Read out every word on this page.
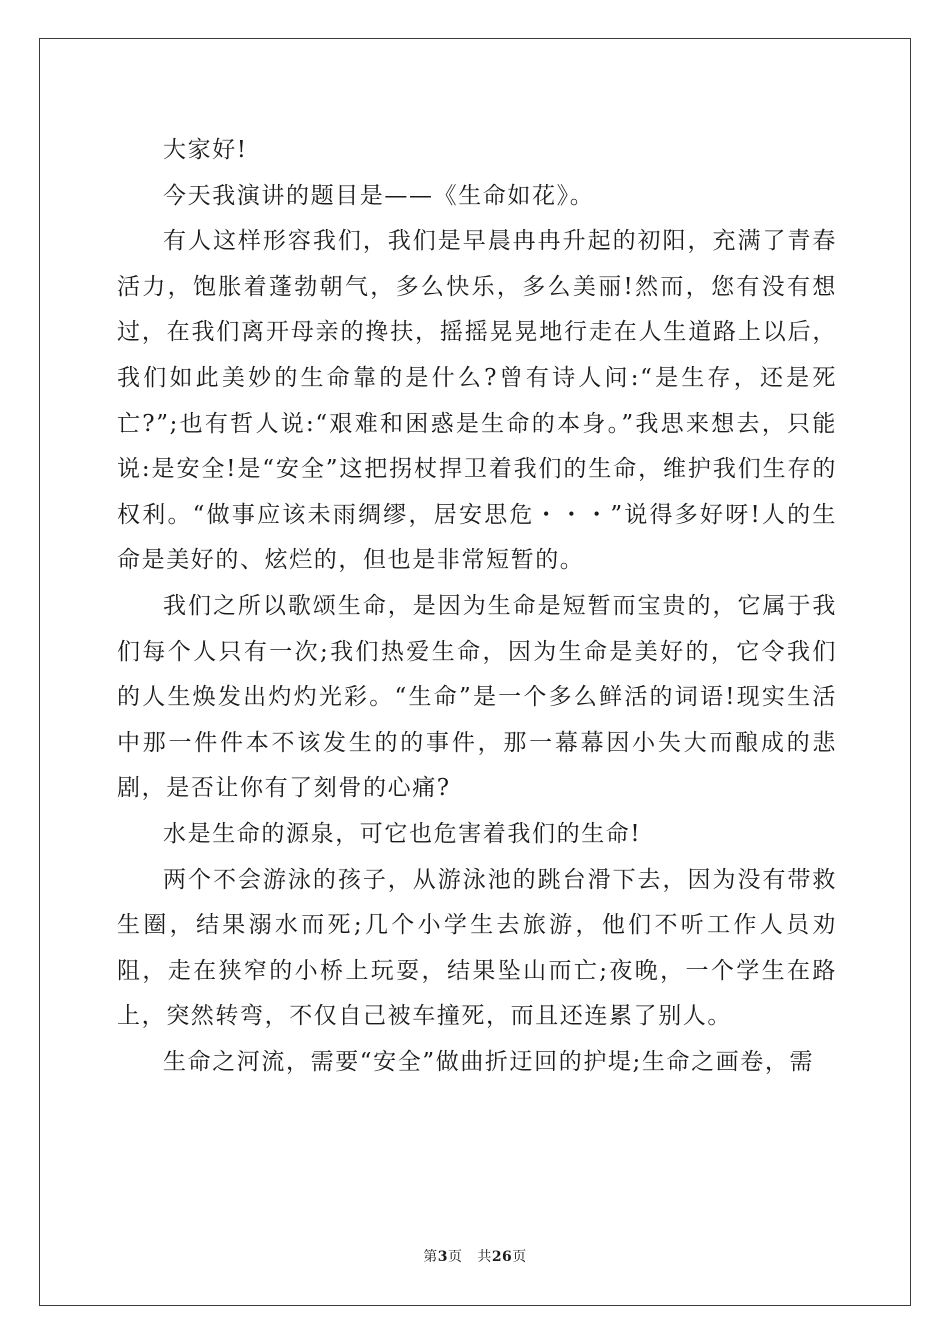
大家好!

今天我演讲的题目是——《生命如花》。

有人这样形容我们，我们是早晨冉冉升起的初阳，充满了青春活力，饱胀着蓬勃朝气，多么快乐，多么美丽!然而，您有没有想过，在我们离开母亲的搀扶，摇摇晃晃地行走在人生道路上以后，我们如此美妙的生命靠的是什么?曾有诗人问:“是生存，还是死亡?”;也有哲人说:“艰难和困惑是生命的本身。”我思来想去，只能说:是安全!是“安全”这把拐杖捍卫着我们的生命，维护我们生存的权利。“做事应该未雨绸缪，居安思危・・・”说得多好呀!人的生命是美好的、炫烂的，但也是非常短暂的。

我们之所以歌颂生命，是因为生命是短暂而宝贵的，它属于我们每个人只有一次;我们热爱生命，因为生命是美好的，它令我们的人生焕发出灼灼光彩。“生命”是一个多么鲜活的词语!现实生活中那一件件本不该发生的的事件，那一幕幕因小失大而酿成的悲剧，是否让你有了刻骨的心痛?

水是生命的源泉，可它也危害着我们的生命!

两个不会游泳的孩子，从游泳池的跳台滑下去，因为没有带救生圈，结果溺水而死;几个小学生去旅游，他们不听工作人员劝阻，走在狭窄的小桥上玩耍，结果坠山而亡;夜晚，一个学生在路上，突然转弯，不仅自己被车撞死，而且还连累了别人。

生命之河流，需要“安全”做曲折迂回的护堤;生命之画卷，需

第3页 共26页
